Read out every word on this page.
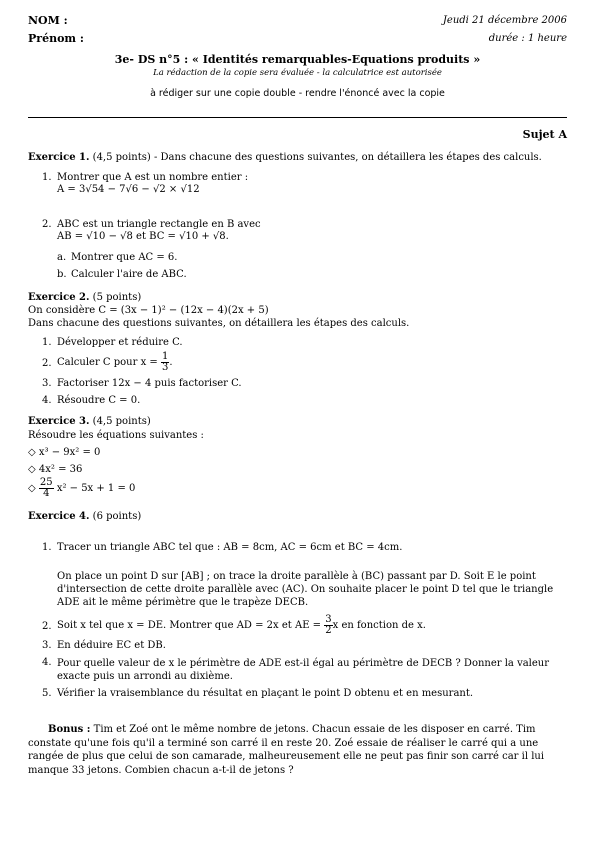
NOM :	Jeudi 21 décembre 2006
Prénom :	durée : 1 heure
3e- DS n°5 : « Identités remarquables-Equations produits »
La rédaction de la copie sera évaluée - la calculatrice est autorisée
à rédiger sur une copie double - rendre l'énoncé avec la copie
Sujet A
Exercice 1. (4,5 points) - Dans chacune des questions suivantes, on détaillera les étapes des calculs.
1. Montrer que A est un nombre entier :
A = 3√54 − 7√6 − √2 × √12
2. ABC est un triangle rectangle en B avec
AB = √10 − √8 et BC = √10 + √8.
a. Montrer que AC = 6.
b. Calculer l'aire de ABC.
Exercice 2. (5 points)
On considère C = (3x − 1)² − (12x − 4)(2x + 5)
Dans chacune des questions suivantes, on détaillera les étapes des calculs.
1. Développer et réduire C.
2. Calculer C pour $x = \frac{1}{3}$ .
3. Factoriser 12x − 4 puis factoriser C.
4. Résoudre C = 0.
Exercice 3. (4,5 points)
Résoudre les équations suivantes :
◇ x³ − 9x² = 0
◇ 4x² = 36
◇ $\frac{25}{4} x^2 - 5x + 1 = 0$
Exercice 4. (6 points)
1. Tracer un triangle ABC tel que : AB = 8cm, AC = 6cm et BC = 4cm.
On place un point D sur [AB] ; on trace la droite parallèle à (BC) passant par D. Soit E le point d'intersection de cette droite parallèle avec (AC). On souhaite placer le point D tel que le triangle ADE ait le même périmètre que le trapèze DECB.
2. Soit x tel que x = DE. Montrer que AD = 2x et AE = $\frac{3}{2}$ x en fonction de x.
3. En déduire EC et DB.
4. Pour quelle valeur de x le périmètre de ADE est-il égal au périmètre de DECB ? Donner la valeur exacte puis un arrondi au dixième.
5. Vérifier la vraisemblance du résultat en plaçant le point D obtenu et en mesurant.
Bonus : Tim et Zoé ont le même nombre de jetons. Chacun essaie de les disposer en carré. Tim constate qu'une fois qu'il a terminé son carré il en reste 20. Zoé essaie de réaliser le carré qui a une rangée de plus que celui de son camarade, malheureusement elle ne peut pas finir son carré car il lui manque 33 jetons. Combien chacun a-t-il de jetons ?
